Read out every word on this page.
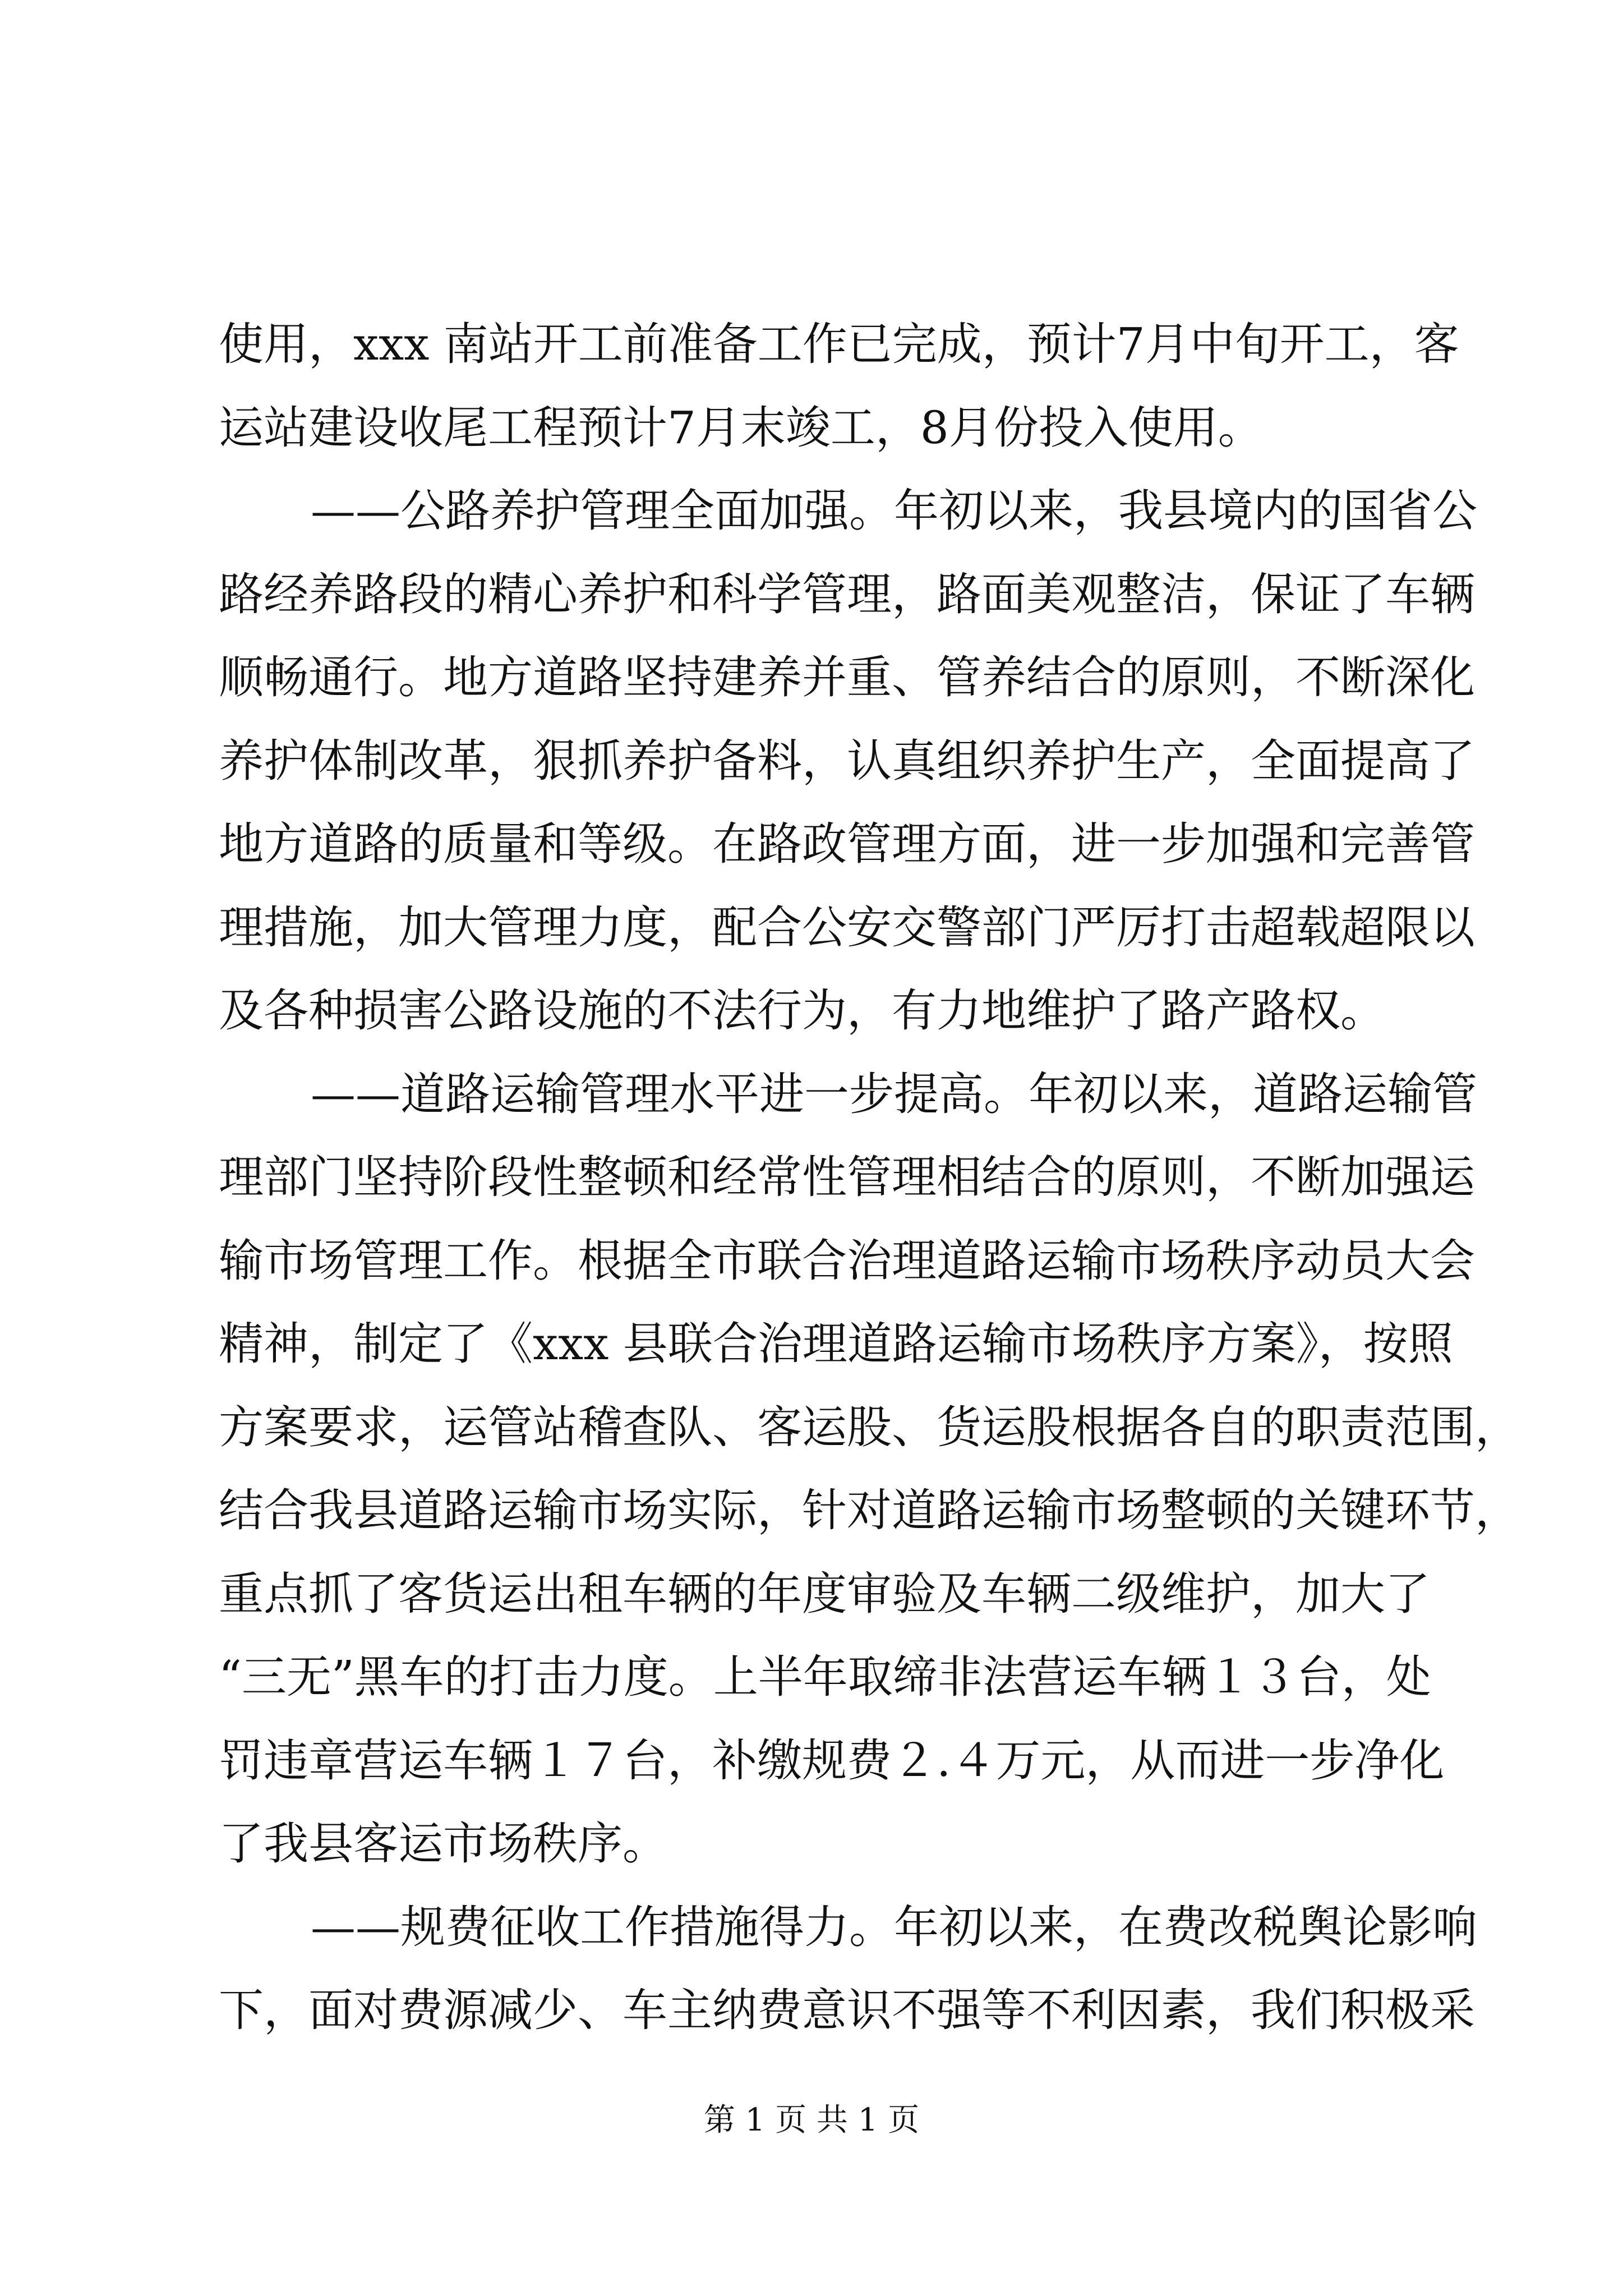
使用，xxx 南站开工前准备工作已完成，预计7月中旬开工，客
运站建设收尾工程预计7月末竣工，8月份投入使用。
——公路养护管理全面加强。年初以来，我县境内的国省公
路经养路段的精心养护和科学管理，路面美观整洁，保证了车辆
顺畅通行。地方道路坚持建养并重、管养结合的原则，不断深化
养护体制改革，狠抓养护备料，认真组织养护生产，全面提高了
地方道路的质量和等级。在路政管理方面，进一步加强和完善管
理措施，加大管理力度，配合公安交警部门严厉打击超载超限以
及各种损害公路设施的不法行为，有力地维护了路产路权。
——道路运输管理水平进一步提高。年初以来，道路运输管
理部门坚持阶段性整顿和经常性管理相结合的原则，不断加强运
输市场管理工作。根据全市联合治理道路运输市场秩序动员大会
精神，制定了《xxx 县联合治理道路运输市场秩序方案》，按照
方案要求，运管站稽查队、客运股、货运股根据各自的职责范围，
结合我县道路运输市场实际，针对道路运输市场整顿的关键环节，
重点抓了客货运出租车辆的年度审验及车辆二级维护，加大了
“三无”黑车的打击力度。上半年取缔非法营运车辆１３台，处
罚违章营运车辆１７台，补缴规费２.４万元，从而进一步净化
了我县客运市场秩序。
——规费征收工作措施得力。年初以来，在费改税舆论影响
下，面对费源减少、车主纳费意识不强等不利因素，我们积极采
第 1 页 共 1 页
